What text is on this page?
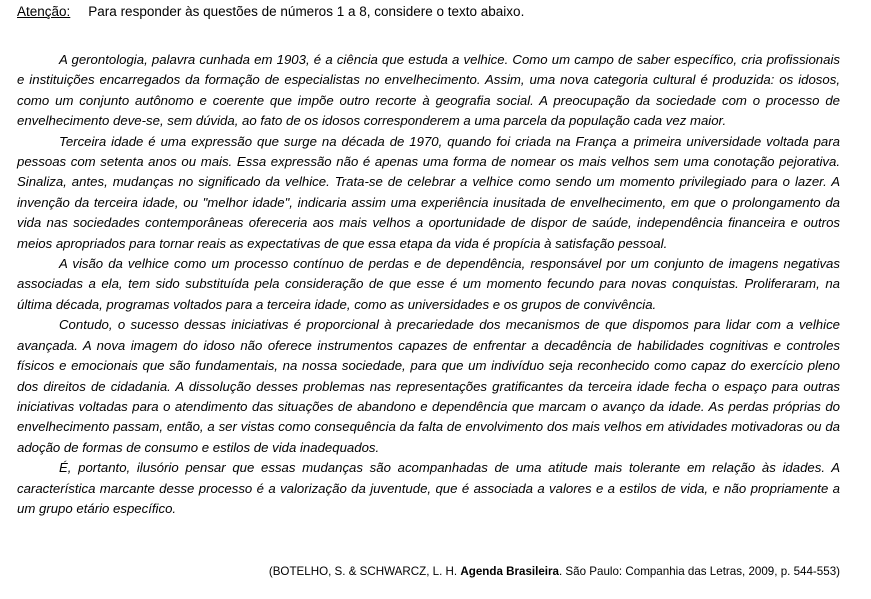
Atenção: Para responder às questões de números 1 a 8, considere o texto abaixo.

A gerontologia, palavra cunhada em 1903, é a ciência que estuda a velhice. Como um campo de saber específico, cria profissionais e instituições encarregados da formação de especialistas no envelhecimento. Assim, uma nova categoria cultural é produzida: os idosos, como um conjunto autônomo e coerente que impõe outro recorte à geografia social. A preocupação da sociedade com o processo de envelhecimento deve-se, sem dúvida, ao fato de os idosos corresponderem a uma parcela da população cada vez maior.

Terceira idade é uma expressão que surge na década de 1970, quando foi criada na França a primeira universidade voltada para pessoas com setenta anos ou mais. Essa expressão não é apenas uma forma de nomear os mais velhos sem uma conotação pejorativa. Sinaliza, antes, mudanças no significado da velhice. Trata-se de celebrar a velhice como sendo um momento privilegiado para o lazer. A invenção da terceira idade, ou "melhor idade", indicaria assim uma experiência inusitada de envelhecimento, em que o prolongamento da vida nas sociedades contemporâneas ofereceria aos mais velhos a oportunidade de dispor de saúde, independência financeira e outros meios apropriados para tornar reais as expectativas de que essa etapa da vida é propícia à satisfação pessoal.

A visão da velhice como um processo contínuo de perdas e de dependência, responsável por um conjunto de imagens negativas associadas a ela, tem sido substituída pela consideração de que esse é um momento fecundo para novas conquistas. Proliferaram, na última década, programas voltados para a terceira idade, como as universidades e os grupos de convivência.

Contudo, o sucesso dessas iniciativas é proporcional à precariedade dos mecanismos de que dispomos para lidar com a velhice avançada. A nova imagem do idoso não oferece instrumentos capazes de enfrentar a decadência de habilidades cognitivas e controles físicos e emocionais que são fundamentais, na nossa sociedade, para que um indivíduo seja reconhecido como capaz do exercício pleno dos direitos de cidadania. A dissolução desses problemas nas representações gratificantes da terceira idade fecha o espaço para outras iniciativas voltadas para o atendimento das situações de abandono e dependência que marcam o avanço da idade. As perdas próprias do envelhecimento passam, então, a ser vistas como consequência da falta de envolvimento dos mais velhos em atividades motivadoras ou da adoção de formas de consumo e estilos de vida inadequados.

É, portanto, ilusório pensar que essas mudanças são acompanhadas de uma atitude mais tolerante em relação às idades. A característica marcante desse processo é a valorização da juventude, que é associada a valores e a estilos de vida, e não propriamente a um grupo etário específico.

(BOTELHO, S. & SCHWARCZ, L. H. Agenda Brasileira. São Paulo: Companhia das Letras, 2009, p. 544-553)
